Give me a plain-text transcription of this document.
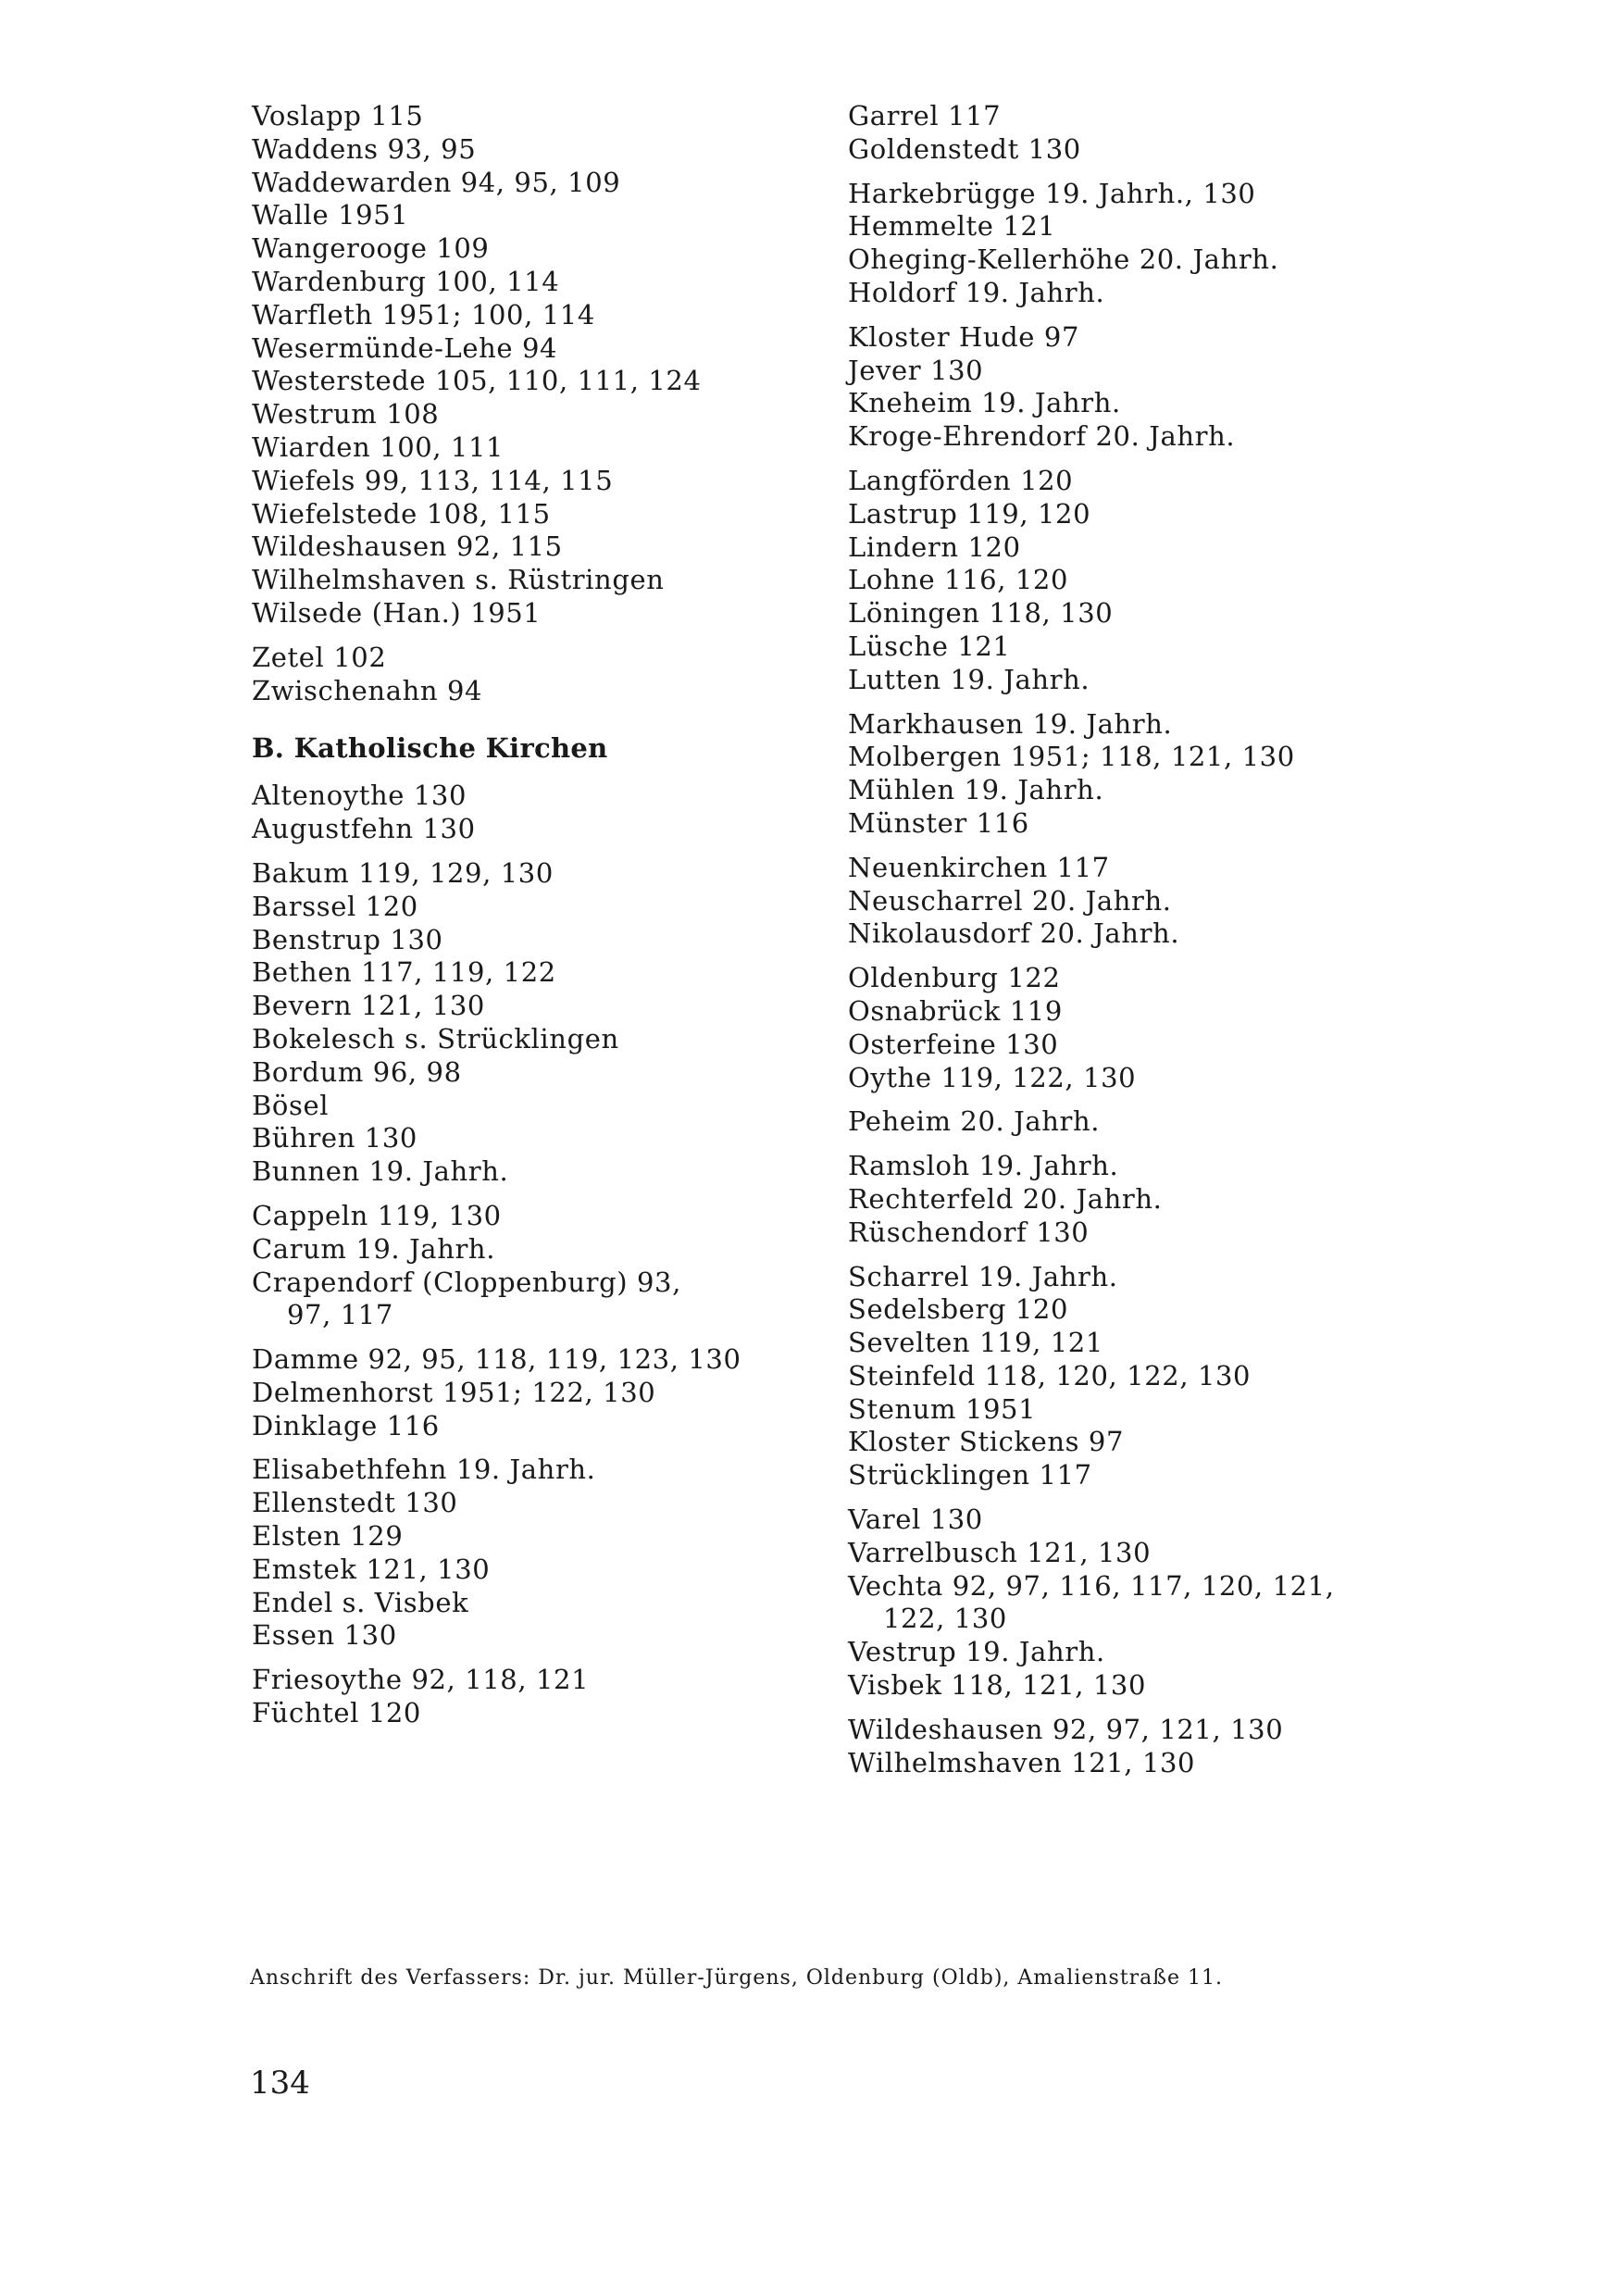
Voslapp 115
Waddens 93, 95
Waddewarden 94, 95, 109
Walle 1951
Wangerooge 109
Wardenburg 100, 114
Warfleth 1951; 100, 114
Wesermünde-Lehe 94
Westerstede 105, 110, 111, 124
Westrum 108
Wiarden 100, 111
Wiefels 99, 113, 114, 115
Wiefelstede 108, 115
Wildeshausen 92, 115
Wilhelmshaven s. Rüstringen
Wilsede (Han.) 1951
Zetel 102
Zwischenahn 94
B. Katholische Kirchen
Altenoythe 130
Augustfehn 130
Bakum 119, 129, 130
Barssel 120
Benstrup 130
Bethen 117, 119, 122
Bevern 121, 130
Bokelesch s. Strücklingen
Bordum 96, 98
Bösel
Bühren 130
Bunnen 19. Jahrh.
Cappeln 119, 130
Carum 19. Jahrh.
Crapendorf (Cloppenburg) 93,
97, 117
Damme 92, 95, 118, 119, 123, 130
Delmenhorst 1951; 122, 130
Dinklage 116
Elisabethfehn 19. Jahrh.
Ellenstedt 130
Elsten 129
Emstek 121, 130
Endel s. Visbek
Essen 130
Friesoythe 92, 118, 121
Füchtel 120
Garrel 117
Goldenstedt 130
Harkebrügge 19. Jahrh., 130
Hemmelte 121
Oheging-Kellerhöhe 20. Jahrh.
Holdorf 19. Jahrh.
Kloster Hude 97
Jever 130
Kneheim 19. Jahrh.
Kroge-Ehrendorf 20. Jahrh.
Langförden 120
Lastrup 119, 120
Lindern 120
Lohne 116, 120
Löningen 118, 130
Lüsche 121
Lutten 19. Jahrh.
Markhausen 19. Jahrh.
Molbergen 1951; 118, 121, 130
Mühlen 19. Jahrh.
Münster 116
Neuenkirchen 117
Neuscharrel 20. Jahrh.
Nikolausdorf 20. Jahrh.
Oldenburg 122
Osnabrück 119
Osterfeine 130
Oythe 119, 122, 130
Peheim 20. Jahrh.
Ramsloh 19. Jahrh.
Rechterfeld 20. Jahrh.
Rüschendorf 130
Scharrel 19. Jahrh.
Sedelsberg 120
Sevelten 119, 121
Steinfeld 118, 120, 122, 130
Stenum 1951
Kloster Stickens 97
Strücklingen 117
Varel 130
Varrelbusch 121, 130
Vechta 92, 97, 116, 117, 120, 121,
122, 130
Vestrup 19. Jahrh.
Visbek 118, 121, 130
Wildeshausen 92, 97, 121, 130
Wilhelmshaven 121, 130
Anschrift des Verfassers: Dr. jur. Müller-Jürgens, Oldenburg (Oldb), Amalienstraße 11.
134
